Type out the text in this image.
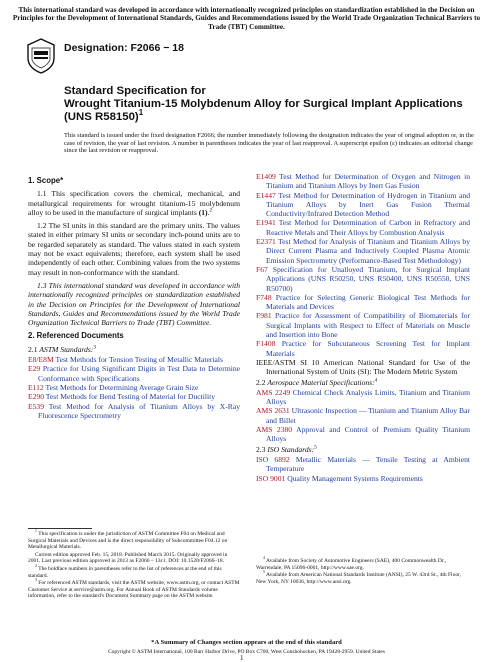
This international standard was developed in accordance with internationally recognized principles on standardization established in the Decision on Principles for the Development of International Standards, Guides and Recommendations issued by the World Trade Organization Technical Barriers to Trade (TBT) Committee.
Designation: F2066 − 18
Standard Specification for
Wrought Titanium-15 Molybdenum Alloy for Surgical Implant Applications (UNS R58150)$^1$
This standard is issued under the fixed designation F2066; the number immediately following the designation indicates the year of original adoption or, in the case of revision, the year of last revision. A number in parentheses indicates the year of last reapproval. A superscript epsilon (ε) indicates an editorial change since the last revision or reapproval.
1. Scope*

1.1 This specification covers the chemical, mechanical, and metallurgical requirements for wrought titanium-15 molybdenum alloy to be used in the manufacture of surgical implants (1).$^2$

1.2 The SI units in this standard are the primary units. The values stated in either primary SI units or secondary inch-pound units are to be regarded separately as standard. The values stated in each system may not be exact equivalents; therefore, each system shall be used independently of each other. Combining values from the two systems may result in non-conformance with the standard.

1.3 This international standard was developed in accordance with internationally recognized principles on standardization established in the Decision on Principles for the Development of International Standards, Guides and Recommendations issued by the World Trade Organization Technical Barriers to Trade (TBT) Committee.

2. Referenced Documents
2.1 ASTM Standards:$^3$

E8/E8M Test Methods for Tension Testing of Metallic Materials

E29 Practice for Using Significant Digits in Test Data to Determine Conformance with Specifications

E112 Test Methods for Determining Average Grain Size

E290 Test Methods for Bend Testing of Material for Ductility

E539 Test Method for Analysis of Titanium Alloys by X-Ray Fluorescence Spectrometry

E1409 Test Method for Determination of Oxygen and Nitrogen in Titanium and Titanium Alloys by Inert Gas Fusion

E1447 Test Method for Determination of Hydrogen in Titanium and Titanium Alloys by Inert Gas Fusion Thermal Conductivity/Infrared Detection Method

E1941 Test Method for Determination of Carbon in Refractory and Reactive Metals and Their Alloys by Combustion Analysis

E2371 Test Method for Analysis of Titanium and Titanium Alloys by Direct Current Plasma and Inductively Coupled Plasma Atomic Emission Spectrometry (Performance-Based Test Methodology)

F67 Specification for Unalloyed Titanium, for Surgical Implant Applications (UNS R50250, UNS R50400, UNS R50550, UNS R50700)

F748 Practice for Selecting Generic Biological Test Methods for Materials and Devices

F981 Practice for Assessment of Compatibility of Biomaterials for Surgical Implants with Respect to Effect of Materials on Muscle and Insertion into Bone

F1408 Practice for Subcutaneous Screening Test for Implant Materials

IEEE/ASTM SI 10 American National Standard for Use of the International System of Units (SI): The Modern Metric System

2.2 Aerospace Material Specifications:$^4$

AMS 2249 Chemical Check Analysis Limits, Titanium and Titanium Alloys

AMS 2631 Ultrasonic Inspection — Titanium and Titanium Alloy Bar and Billet

AMS 2380 Approval and Control of Premium Quality Titanium Alloys

2.3 ISO Standards:$^5$

ISO 6892 Metallic Materials — Tensile Testing at Ambient Temperature

ISO 9001 Quality Management Systems Requirements

$^1$ This specification is under the jurisdiction of ASTM Committee F04 on Medical and Surgical Materials and Devices and is the direct responsibility of Subcommittee F04.12 on Metallurgical Materials.

Current edition approved Feb. 15, 2018. Published March 2015. Originally approved in 2001. Last previous edition approved in 2013 as F2066 – 13ε1. DOI: 10.1520/F2066–18.

$^2$ The boldface numbers in parentheses refer to the list of references at the end of this standard.

$^3$ For referenced ASTM standards, visit the ASTM website, www.astm.org, or contact ASTM Customer Service at service@astm.org. For Annual Book of ASTM Standards volume information, refer to the standard's Document Summary page on the ASTM website.

$^4$ Available from Society of Automotive Engineers (SAE), 400 Commonwealth Dr., Warrendale, PA 15096-0001, http://www.sae.org.

$^5$ Available from American National Standards Institute (ANSI), 25 W. 43rd St., 4th Floor, New York, NY 10036, http://www.ansi.org.

*A Summary of Changes section appears at the end of this standard
Copyright © ASTM International, 100 Barr Harbor Drive, PO Box C700, West Conshohocken, PA 19428-2959. United States
1
